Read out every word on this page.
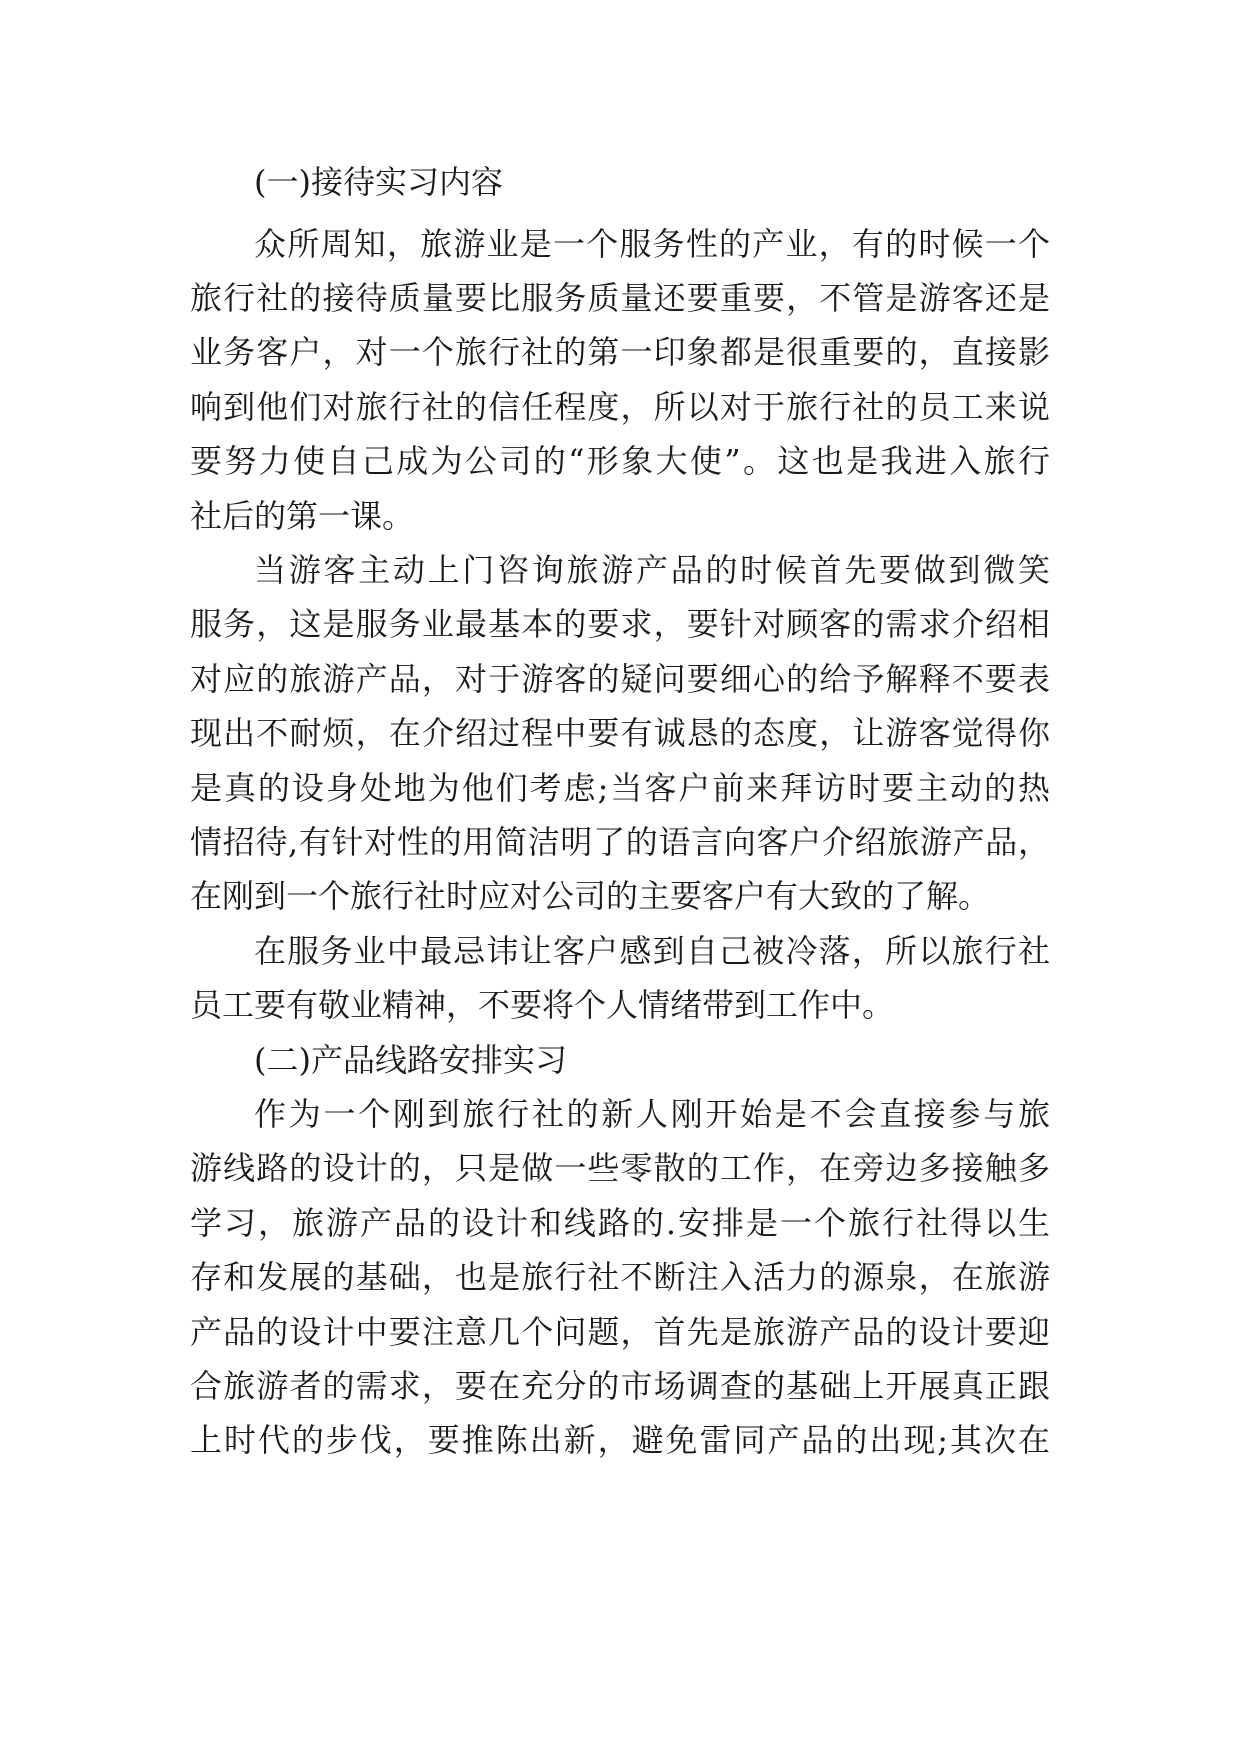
(一)接待实习内容
众所周知，旅游业是一个服务性的产业，有的时候一个
旅行社的接待质量要比服务质量还要重要，不管是游客还是
业务客户，对一个旅行社的第一印象都是很重要的，直接影
响到他们对旅行社的信任程度，所以对于旅行社的员工来说
要努力使自己成为公司的“形象大使”。这也是我进入旅行
社后的第一课。
当游客主动上门咨询旅游产品的时候首先要做到微笑
服务，这是服务业最基本的要求，要针对顾客的需求介绍相
对应的旅游产品，对于游客的疑问要细心的给予解释不要表
现出不耐烦，在介绍过程中要有诚恳的态度，让游客觉得你
是真的设身处地为他们考虑;当客户前来拜访时要主动的热
情招待,有针对性的用简洁明了的语言向客户介绍旅游产品，
在刚到一个旅行社时应对公司的主要客户有大致的了解。
在服务业中最忌讳让客户感到自己被冷落，所以旅行社
员工要有敬业精神，不要将个人情绪带到工作中。
(二)产品线路安排实习
作为一个刚到旅行社的新人刚开始是不会直接参与旅
游线路的设计的，只是做一些零散的工作，在旁边多接触多
学习，旅游产品的设计和线路的.安排是一个旅行社得以生
存和发展的基础，也是旅行社不断注入活力的源泉，在旅游
产品的设计中要注意几个问题，首先是旅游产品的设计要迎
合旅游者的需求，要在充分的市场调查的基础上开展真正跟
上时代的步伐，要推陈出新，避免雷同产品的出现;其次在
